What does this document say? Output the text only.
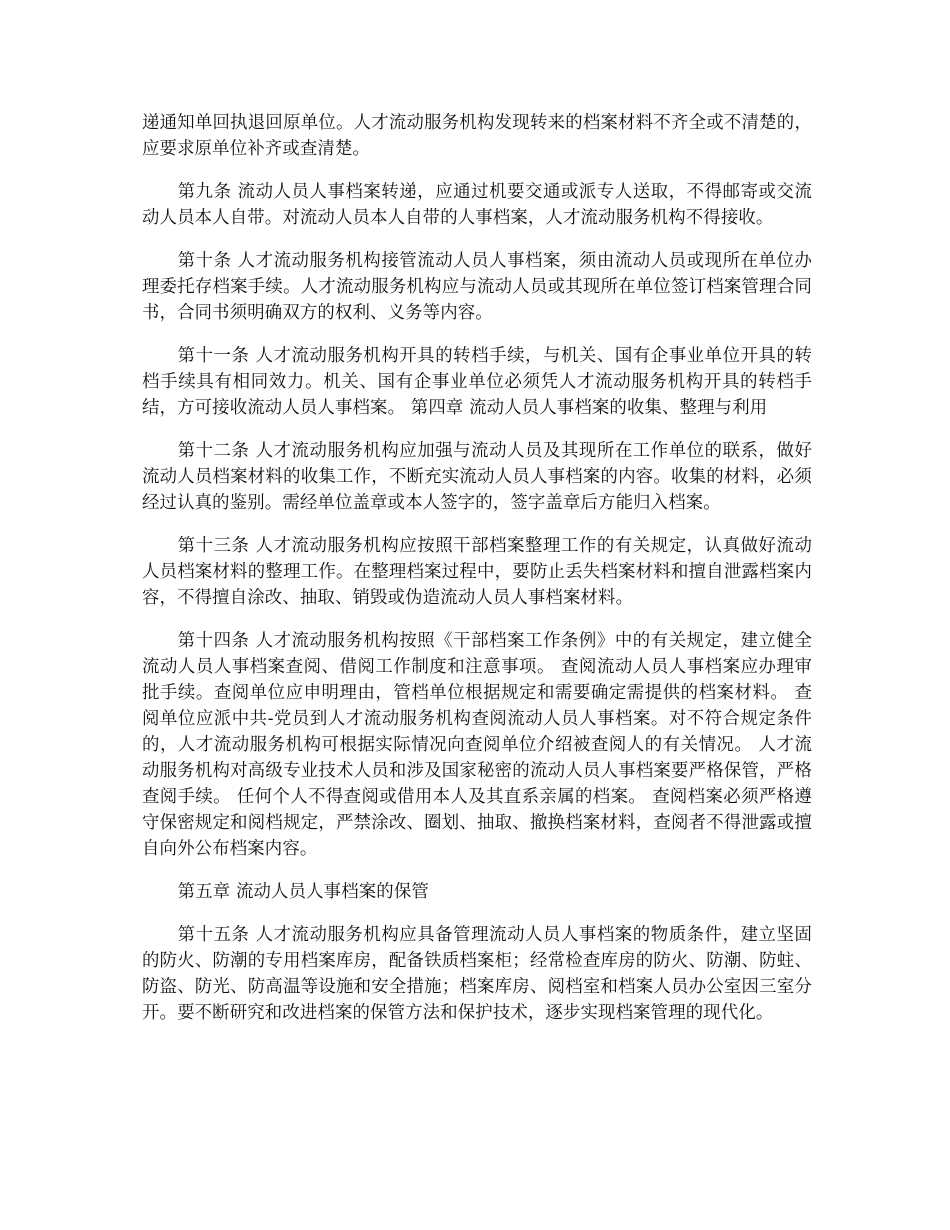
递通知单回执退回原单位。人才流动服务机构发现转来的档案材料不齐全或不清楚的，应要求原单位补齐或查清楚。

第九条 流动人员人事档案转递，应通过机要交通或派专人送取，不得邮寄或交流动人员本人自带。对流动人员本人自带的人事档案，人才流动服务机构不得接收。

第十条 人才流动服务机构接管流动人员人事档案，须由流动人员或现所在单位办理委托存档案手续。人才流动服务机构应与流动人员或其现所在单位签订档案管理合同书，合同书须明确双方的权利、义务等内容。

第十一条 人才流动服务机构开具的转档手续，与机关、国有企事业单位开具的转档手续具有相同效力。机关、国有企事业单位必须凭人才流动服务机构开具的转档手结，方可接收流动人员人事档案。 第四章 流动人员人事档案的收集、整理与利用

第十二条 人才流动服务机构应加强与流动人员及其现所在工作单位的联系，做好流动人员档案材料的收集工作，不断充实流动人员人事档案的内容。收集的材料，必须经过认真的鉴别。需经单位盖章或本人签字的，签字盖章后方能归入档案。

第十三条 人才流动服务机构应按照干部档案整理工作的有关规定，认真做好流动人员档案材料的整理工作。在整理档案过程中，要防止丢失档案材料和擅自泄露档案内容，不得擅自涂改、抽取、销毁或伪造流动人员人事档案材料。

第十四条 人才流动服务机构按照《干部档案工作条例》中的有关规定，建立健全流动人员人事档案查阅、借阅工作制度和注意事项。 查阅流动人员人事档案应办理审批手续。查阅单位应申明理由，管档单位根据规定和需要确定需提供的档案材料。 查阅单位应派中共-党员到人才流动服务机构查阅流动人员人事档案。对不符合规定条件的，人才流动服务机构可根据实际情况向查阅单位介绍被查阅人的有关情况。 人才流动服务机构对高级专业技术人员和涉及国家秘密的流动人员人事档案要严格保管，严格查阅手续。 任何个人不得查阅或借用本人及其直系亲属的档案。 查阅档案必须严格遵守保密规定和阅档规定，严禁涂改、圈划、抽取、撤换档案材料，查阅者不得泄露或擅自向外公布档案内容。

第五章 流动人员人事档案的保管

第十五条 人才流动服务机构应具备管理流动人员人事档案的物质条件，建立坚固的防火、防潮的专用档案库房，配备铁质档案柜；经常检查库房的防火、防潮、防蛀、防盗、防光、防高温等设施和安全措施；档案库房、阅档室和档案人员办公室因三室分开。要不断研究和改进档案的保管方法和保护技术，逐步实现档案管理的现代化。
